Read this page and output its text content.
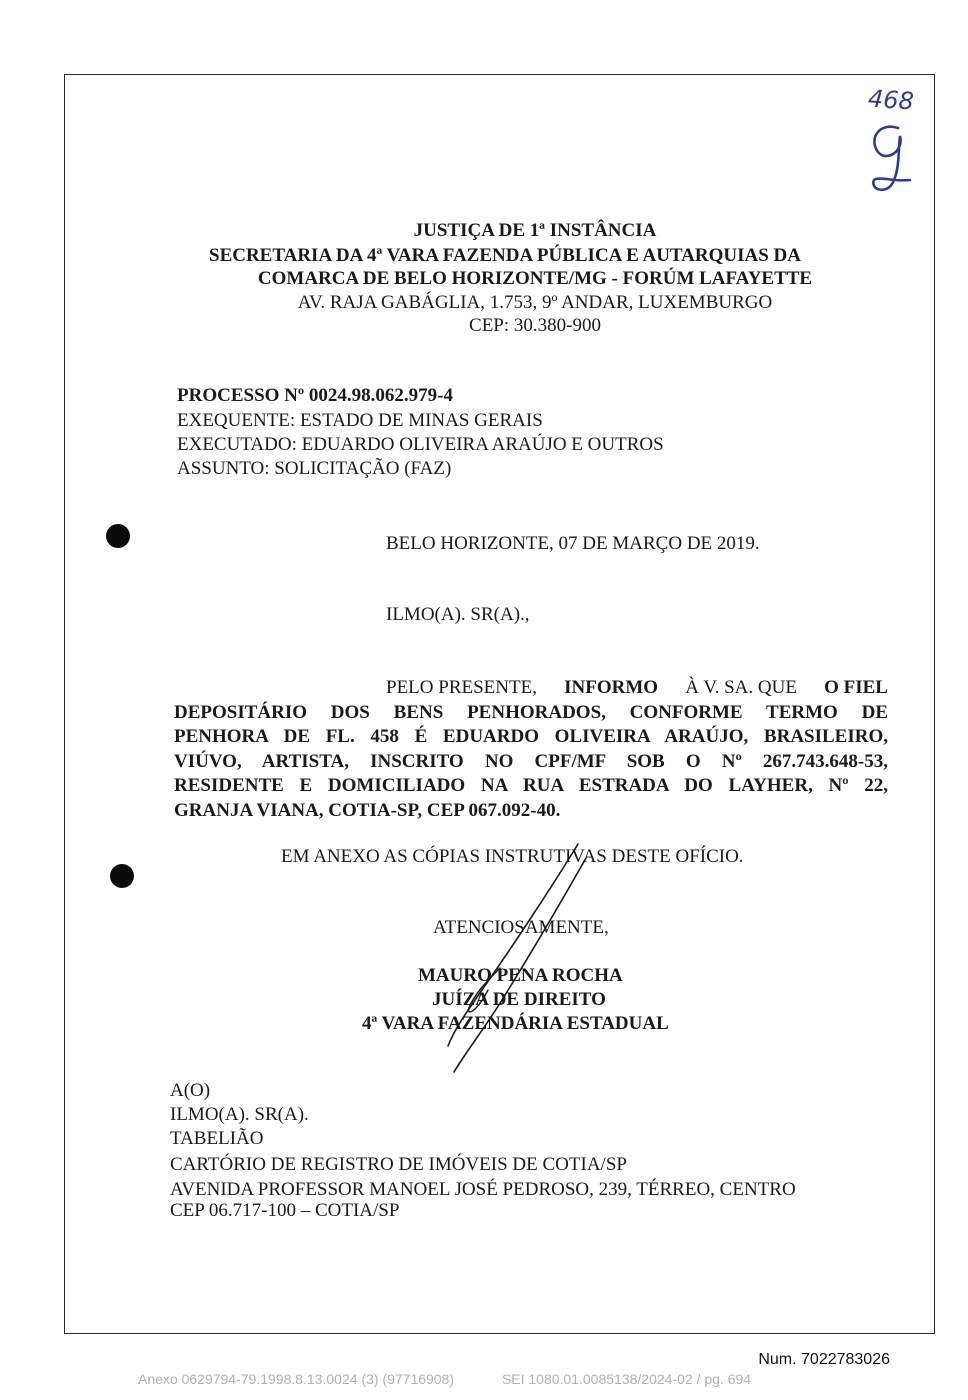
468
JUSTIÇA DE 1ª INSTÂNCIA
SECRETARIA DA 4ª VARA FAZENDA PÚBLICA E AUTARQUIAS DA
COMARCA DE BELO HORIZONTE/MG - FORÚM LAFAYETTE
AV. RAJA GABÁGLIA, 1.753, 9º ANDAR, LUXEMBURGO
CEP: 30.380-900
PROCESSO Nº 0024.98.062.979-4
EXEQUENTE: ESTADO DE MINAS GERAIS
EXECUTADO: EDUARDO OLIVEIRA ARAÚJO E OUTROS
ASSUNTO: SOLICITAÇÃO (FAZ)
BELO HORIZONTE, 07 DE MARÇO DE 2019.
ILMO(A). SR(A).,
PELO PRESENTE, INFORMO À V. SA. QUE O FIEL
DEPOSITÁRIO DOS BENS PENHORADOS, CONFORME TERMO DE
PENHORA DE FL. 458 É EDUARDO OLIVEIRA ARAÚJO, BRASILEIRO,
VIÚVO, ARTISTA, INSCRITO NO CPF/MF SOB O Nº 267.743.648-53,
RESIDENTE E DOMICILIADO NA RUA ESTRADA DO LAYHER, Nº 22,
GRANJA VIANA, COTIA-SP, CEP 067.092-40.
EM ANEXO AS CÓPIAS INSTRUTIVAS DESTE OFÍCIO.
ATENCIOSAMENTE,
MAURO PENA ROCHA
JUÍZA DE DIREITO
4ª VARA FAZENDÁRIA ESTADUAL
A(O)
ILMO(A). SR(A).
TABELIÃO
CARTÓRIO DE REGISTRO DE IMÓVEIS DE COTIA/SP
AVENIDA PROFESSOR MANOEL JOSÉ PEDROSO, 239, TÉRREO, CENTRO
CEP 06.717-100 – COTIA/SP
Num. 7022783026
Anexo 0629794-79.1998.8.13.0024 (3) (97716908)	SEI 1080.01.0085138/2024-02 / pg. 694
